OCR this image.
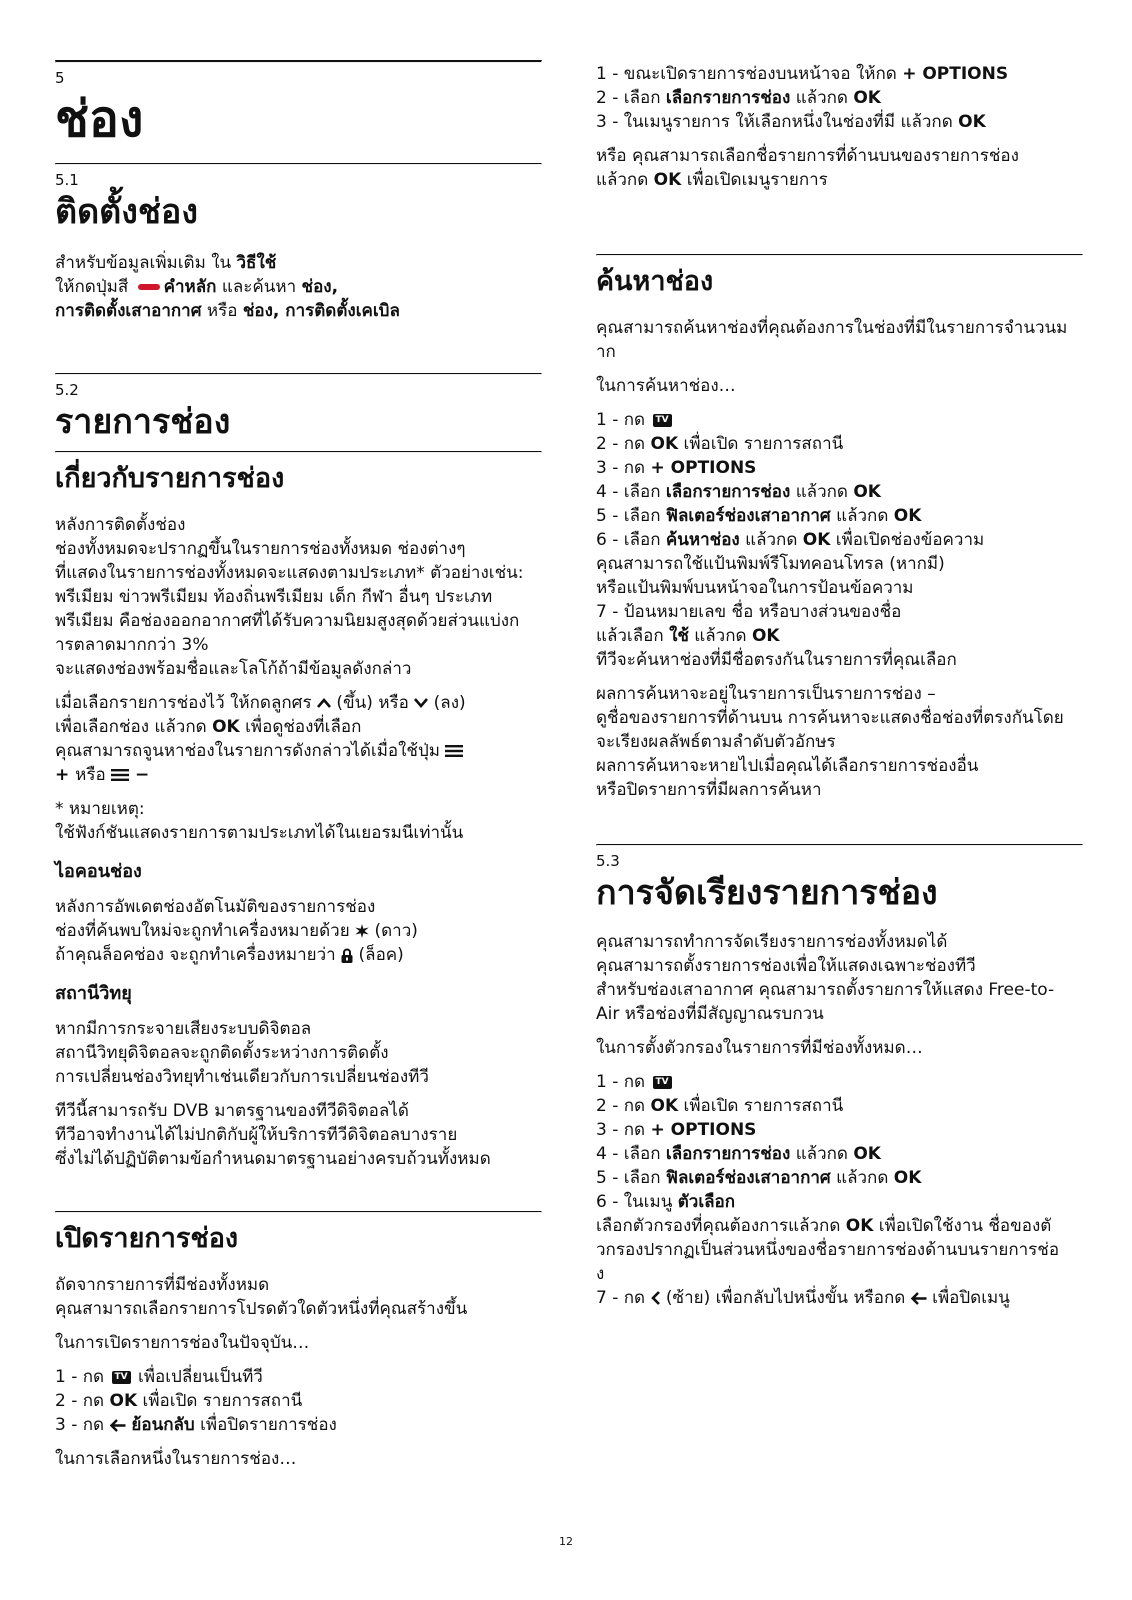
5
ช่อง
5.1
ติดตั้งช่อง

สำหรับข้อมูลเพิ่มเติม ใน วิธีใช้

ให้กดปุ่มสี คำหลัก และค้นหา ช่อง,

การติดตั้งเสาอากาศ หรือ ช่อง, การติดตั้งเคเบิล

5.2
รายการช่อง
เกี่ยวกับรายการช่อง

หลังการติดตั้งช่อง

ช่องทั้งหมดจะปรากฏขึ้นในรายการช่องทั้งหมด ช่องต่างๆ

ที่แสดงในรายการช่องทั้งหมดจะแสดงตามประเภท* ตัวอย่างเช่น:

พรีเมียม ข่าวพรีเมียม ท้องถิ่นพรีเมียม เด็ก กีฬา อื่นๆ ประเภท

พรีเมียม คือช่องออกอากาศที่ได้รับความนิยมสูงสุดด้วยส่วนแบ่งก

ารตลาดมากกว่า 3%

จะแสดงช่องพร้อมชื่อและโลโก้ถ้ามีข้อมูลดังกล่าว

เมื่อเลือกรายการช่องไว้ ให้กดลูกศร  (ขึ้น) หรือ  (ลง)

เพื่อเลือกช่อง แล้วกด OK เพื่อดูช่องที่เลือก

คุณสามารถจูนหาช่องในรายการดังกล่าวได้เมื่อใช้ปุ่ม

+ หรือ  −

* หมายเหตุ:

ใช้ฟังก์ชันแสดงรายการตามประเภทได้ในเยอรมนีเท่านั้น

ไอคอนช่อง

หลังการอัพเดตช่องอัตโนมัติของรายการช่อง

ช่องที่ค้นพบใหม่จะถูกทำเครื่องหมายด้วย  (ดาว)

ถ้าคุณล็อคช่อง จะถูกทำเครื่องหมายว่า  (ล็อค)

สถานีวิทยุ

หากมีการกระจายเสียงระบบดิจิตอล

สถานีวิทยุดิจิตอลจะถูกติดตั้งระหว่างการติดตั้ง

การเปลี่ยนช่องวิทยุทำเช่นเดียวกับการเปลี่ยนช่องทีวี

ทีวีนี้สามารถรับ DVB มาตรฐานของทีวีดิจิตอลได้

ทีวีอาจทำงานได้ไม่ปกติกับผู้ให้บริการทีวีดิจิตอลบางราย

ซึ่งไม่ได้ปฏิบัติตามข้อกำหนดมาตรฐานอย่างครบถ้วนทั้งหมด

เปิดรายการช่อง

ถัดจากรายการที่มีช่องทั้งหมด

คุณสามารถเลือกรายการโปรดตัวใดตัวหนึ่งที่คุณสร้างขึ้น

ในการเปิดรายการช่องในปัจจุบัน…

1 - กด TV เพื่อเปลี่ยนเป็นทีวี

2 - กด OK เพื่อเปิด รายการสถานี

3 - กด  ย้อนกลับ เพื่อปิดรายการช่อง

ในการเลือกหนึ่งในรายการช่อง…

1 - ขณะเปิดรายการช่องบนหน้าจอ ให้กด + OPTIONS

2 - เลือก เลือกรายการช่อง แล้วกด OK

3 - ในเมนูรายการ ให้เลือกหนึ่งในช่องที่มี แล้วกด OK

หรือ คุณสามารถเลือกชื่อรายการที่ด้านบนของรายการช่อง

แล้วกด OK เพื่อเปิดเมนูรายการ

ค้นหาช่อง

คุณสามารถค้นหาช่องที่คุณต้องการในช่องที่มีในรายการจำนวนม

าก

ในการค้นหาช่อง…

1 - กด TV

2 - กด OK เพื่อเปิด รายการสถานี

3 - กด + OPTIONS

4 - เลือก เลือกรายการช่อง แล้วกด OK

5 - เลือก ฟิลเตอร์ช่องเสาอากาศ แล้วกด OK

6 - เลือก ค้นหาช่อง แล้วกด OK เพื่อเปิดช่องข้อความ

คุณสามารถใช้แป้นพิมพ์รีโมทคอนโทรล (หากมี)

หรือแป้นพิมพ์บนหน้าจอในการป้อนข้อความ

7 - ป้อนหมายเลข ชื่อ หรือบางส่วนของชื่อ

แล้วเลือก ใช้ แล้วกด OK

ทีวีจะค้นหาช่องที่มีชื่อตรงกันในรายการที่คุณเลือก

ผลการค้นหาจะอยู่ในรายการเป็นรายการช่อง –

ดูชื่อของรายการที่ด้านบน การค้นหาจะแสดงชื่อช่องที่ตรงกันโดย

จะเรียงผลลัพธ์ตามลำดับตัวอักษร

ผลการค้นหาจะหายไปเมื่อคุณได้เลือกรายการช่องอื่น

หรือปิดรายการที่มีผลการค้นหา

5.3
การจัดเรียงรายการช่อง

คุณสามารถทำการจัดเรียงรายการช่องทั้งหมดได้

คุณสามารถตั้งรายการช่องเพื่อให้แสดงเฉพาะช่องทีวี

สำหรับช่องเสาอากาศ คุณสามารถตั้งรายการให้แสดง Free-to-

Air หรือช่องที่มีสัญญาณรบกวน

ในการตั้งตัวกรองในรายการที่มีช่องทั้งหมด…

1 - กด TV

2 - กด OK เพื่อเปิด รายการสถานี

3 - กด + OPTIONS

4 - เลือก เลือกรายการช่อง แล้วกด OK

5 - เลือก ฟิลเตอร์ช่องเสาอากาศ แล้วกด OK

6 - ในเมนู ตัวเลือก

เลือกตัวกรองที่คุณต้องการแล้วกด OK เพื่อเปิดใช้งาน ชื่อของตั

วกรองปรากฏเป็นส่วนหนึ่งของชื่อรายการช่องด้านบนรายการช่อ

ง

7 - กด  (ซ้าย) เพื่อกลับไปหนึ่งขั้น หรือกด  เพื่อปิดเมนู

12
